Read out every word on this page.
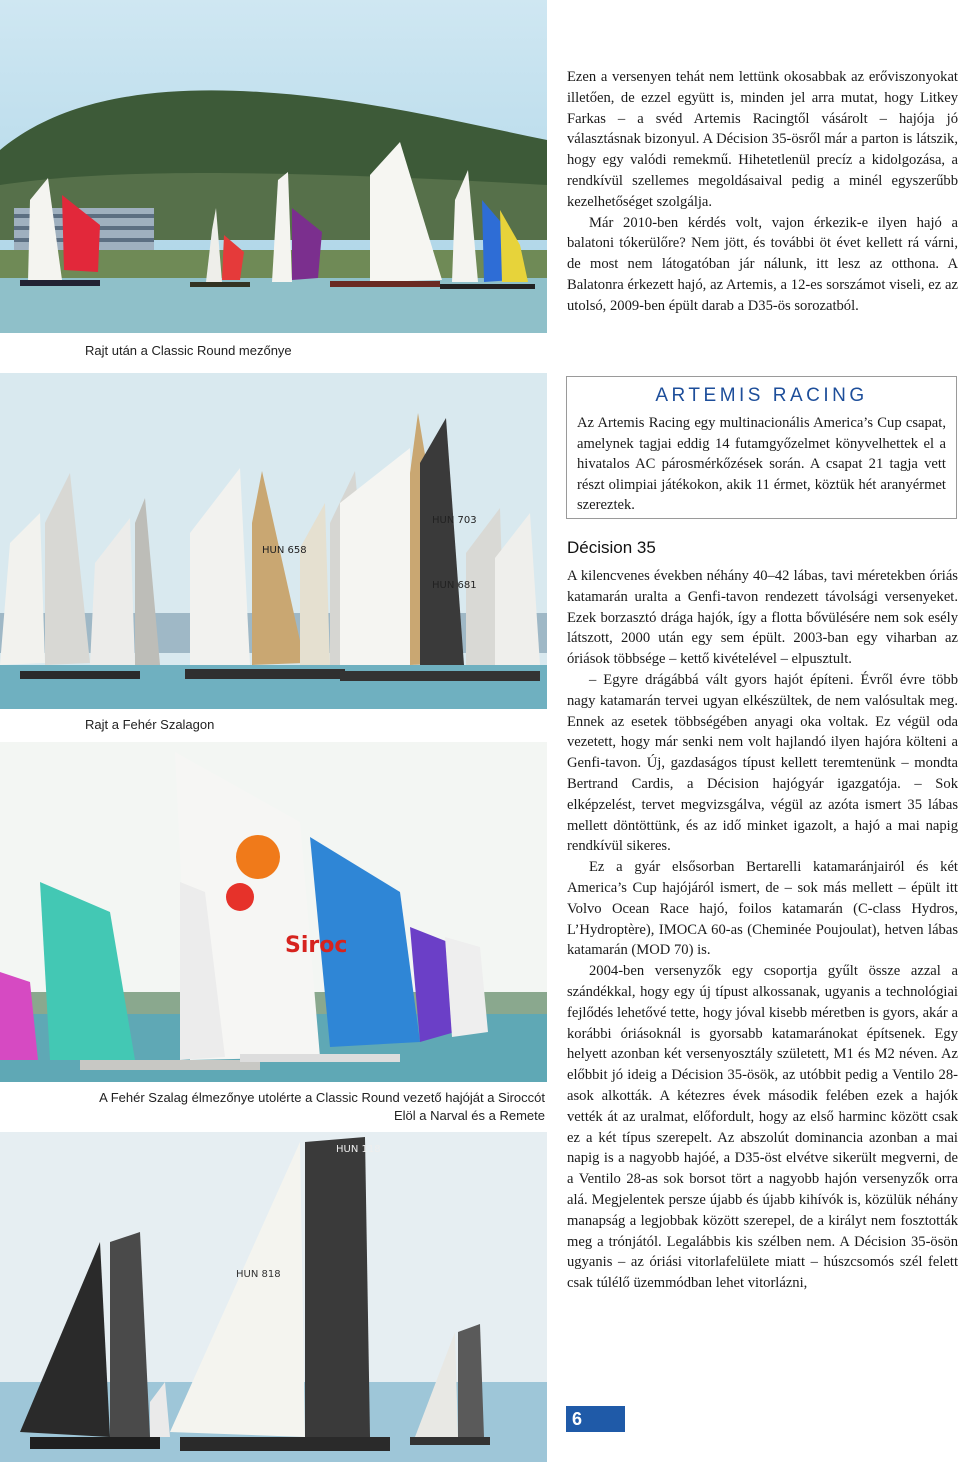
Rajt után a Classic Round mezőnye
HUN 703
HUN 681
HUN 658
Rajt a Fehér Szalagon
Siroc
A Fehér Szalag élmezőnye utolérte a Classic Round vezető hajóját a Siroccót
Elöl a Narval és a Remete
HUN 118
HUN 818

Ezen a versenyen tehát nem lettünk okosabbak az erőviszonyokat illetően, de ezzel együtt is, minden jel arra mutat, hogy Litkey Farkas – a svéd Artemis Racingtől vásárolt – hajója jó választásnak bizonyul. A Décision 35-ösről már a parton is látszik, hogy egy valódi remekmű. Hihetetlenül precíz a kidolgozása, a rendkívül szellemes megoldásaival pedig a minél egyszerűbb kezelhetőséget szolgálja.

Már 2010-ben kérdés volt, vajon érkezik-e ilyen hajó a balatoni tókerülőre? Nem jött, és további öt évet kellett rá várni, de most nem látogatóban jár nálunk, itt lesz az otthona. A Balatonra érkezett hajó, az Artemis, a 12-es sorszámot viseli, ez az utolsó, 2009-ben épült darab a D35-ös sorozatból.

ARTEMIS RACING

Az Artemis Racing egy multinacionális America’s Cup csapat, amelynek tagjai eddig 14 futamgyőzelmet könyvelhettek el a hivatalos AC párosmérkőzések során. A csapat 21 tagja vett részt olimpiai játékokon, akik 11 érmet, köztük hét aranyérmet szereztek.

Décision 35

A kilencvenes években néhány 40–42 lábas, tavi méretekben óriás katamarán uralta a Genfi-tavon rendezett távolsági versenyeket. Ezek borzasztó drága hajók, így a flotta bővülésére nem sok esély látszott, 2000 után egy sem épült. 2003-ban egy viharban az óriások többsége – kettő kivételével – elpusztult.

– Egyre drágábbá vált gyors hajót építeni. Évről évre több nagy katamarán tervei ugyan elkészültek, de nem valósultak meg. Ennek az esetek többségében anyagi oka voltak. Ez végül oda vezetett, hogy már senki nem volt hajlandó ilyen hajóra költeni a Genfi-tavon. Új, gazdaságos típust kellett teremtenünk – mondta Bertrand Cardis, a Décision hajógyár igazgatója. – Sok elképzelést, tervet megvizsgálva, végül az azóta ismert 35 lábas mellett döntöttünk, és az idő minket igazolt, a hajó a mai napig rendkívül sikeres.

Ez a gyár elsősorban Bertarelli katamaránjairól és két America’s Cup hajójáról ismert, de – sok más mellett – épült itt Volvo Ocean Race hajó, foilos katamarán (C-class Hydros, L’Hydroptère), IMOCA 60-as (Cheminée Poujoulat), hetven lábas katamarán (MOD 70) is.

2004-ben versenyzők egy csoportja gyűlt össze azzal a szándékkal, hogy egy új típust alkossanak, ugyanis a technológiai fejlődés lehetővé tette, hogy jóval kisebb méretben is gyors, akár a korábbi óriásoknál is gyorsabb katamaránokat építsenek. Egy helyett azonban két versenyosztály született, M1 és M2 néven. Az előbbit jó ideig a Décision 35-ösök, az utóbbit pedig a Ventilo 28-asok alkották. A kétezres évek második felében ezek a hajók vették át az uralmat, előfordult, hogy az első harminc között csak ez a két típus szerepelt. Az abszolút dominancia azonban a mai napig is a nagyobb hajóé, a D35-öst elvétve sikerült megverni, de a Ventilo 28-as sok borsot tört a nagyobb hajón versenyzők orra alá. Megjelentek persze újabb és újabb kihívók is, közülük néhány manapság a legjobbak között szerepel, de a királyt nem fosztották meg a trónjától. Legalábbis kis szélben nem. A Décision 35-ösön ugyanis – az óriási vitorlafelülete miatt – húszcsomós szél felett csak túlélő üzemmódban lehet vitorlázni,

6
